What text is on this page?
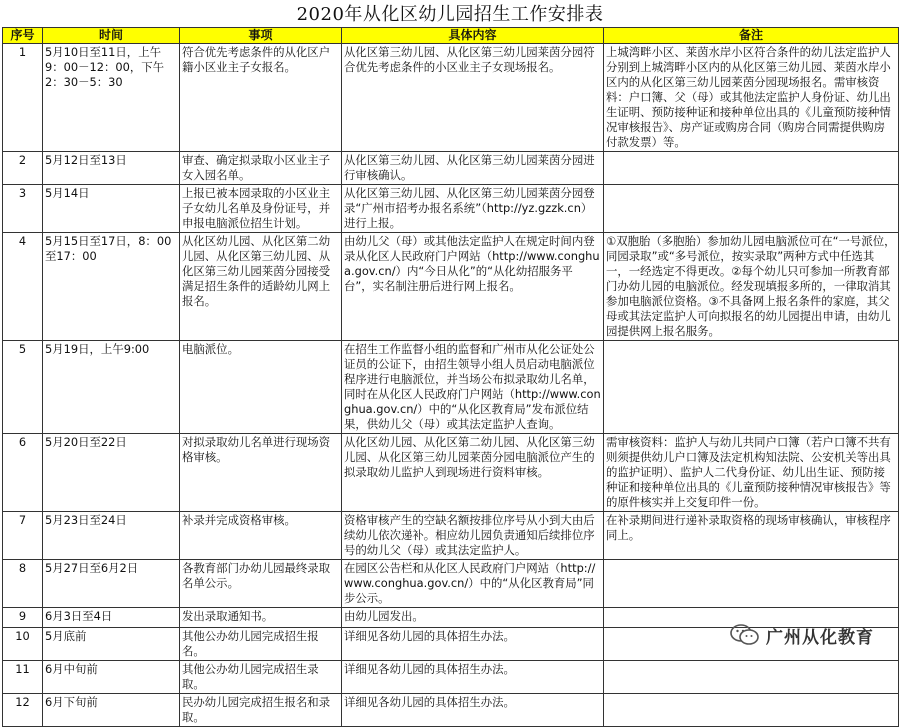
2020年从化区幼儿园招生工作安排表
序号	时间	事项	具体内容	备注
1	5月10日至11日，上午9：00－12：00，下午2：30－5：30	符合优先考虑条件的从化区户籍小区业主子女报名。	从化区第三幼儿园、从化区第三幼儿园莱茵分园符合优先考虑条件的小区业主子女现场报名。	上城湾畔小区、莱茵水岸小区符合条件的幼儿法定监护人分别到上城湾畔小区内的从化区第三幼儿园、莱茵水岸小区内的从化区第三幼儿园莱茵分园现场报名。需审核资料：户口簿、父（母）或其他法定监护人身份证、幼儿出生证明、预防接种证和接种单位出具的《儿童预防接种情况审核报告》、房产证或购房合同（购房合同需提供购房付款发票）等。
2	5月12日至13日	审查、确定拟录取小区业主子女入园名单。	从化区第三幼儿园、从化区第三幼儿园莱茵分园进行审核确认。	
3	5月14日	上报已被本园录取的小区业主子女幼儿名单及身份证号，并申报电脑派位招生计划。	从化区第三幼儿园、从化区第三幼儿园莱茵分园登录“广州市招考办报名系统”（http://yz.gzzk.cn）进行上报。	
4	5月15日至17日，8：00至17：00	从化区幼儿园、从化区第二幼儿园、从化区第三幼儿园、从化区第三幼儿园莱茵分园接受满足招生条件的适龄幼儿网上报名。	由幼儿父（母）或其他法定监护人在规定时间内登录从化区人民政府门户网站（http://www.conghua.gov.cn/）内“今日从化”的“从化幼招服务平台”，实名制注册后进行网上报名。	①双胞胎（多胞胎）参加幼儿园电脑派位可在“一号派位，同园录取”或“多号派位，按实录取”两种方式中任选其一，一经选定不得更改。②每个幼儿只可参加一所教育部门办幼儿园的电脑派位。经发现填报多所的，一律取消其参加电脑派位资格。③不具备网上报名条件的家庭，其父母或其法定监护人可向拟报名的幼儿园提出申请，由幼儿园提供网上报名服务。
5	5月19日，上午9:00	电脑派位。	在招生工作监督小组的监督和广州市从化公证处公证员的公证下，由招生领导小组人员启动电脑派位程序进行电脑派位，并当场公布拟录取幼儿名单，同时在从化区人民政府门户网站（http://www.conghua.gov.cn/）中的“从化区教育局”发布派位结果，供幼儿父（母）或其法定监护人查询。	
6	5月20日至22日	对拟录取幼儿名单进行现场资格审核。	从化区幼儿园、从化区第二幼儿园、从化区第三幼儿园、从化区第三幼儿园莱茵分园电脑派位产生的拟录取幼儿监护人到现场进行资料审核。	需审核资料：监护人与幼儿共同户口簿（若户口簿不共有则须提供幼儿户口簿及法定机构知法院、公安机关等出具的监护证明）、监护人二代身份证、幼儿出生证、预防接种证和接种单位出具的《儿童预防接种情况审核报告》等的原件核实并上交复印件一份。
7	5月23日至24日	补录并完成资格审核。	资格审核产生的空缺名额按排位序号从小到大由后续幼儿依次递补。相应幼儿园负责通知后续排位序号的幼儿父（母）或其法定监护人。	在补录期间进行递补录取资格的现场审核确认，审核程序同上。
8	5月27日至6月2日	各教育部门办幼儿园最终录取名单公示。	在园区公告栏和从化区人民政府门户网站（http://www.conghua.gov.cn/）中的“从化区教育局”同步公示。	
9	6月3日至4日	发出录取通知书。	由幼儿园发出。	
10	5月底前	其他公办幼儿园完成招生报名。	详细见各幼儿园的具体招生办法。	
11	6月中旬前	其他公办幼儿园完成招生录取。	详细见各幼儿园的具体招生办法。	
12	6月下旬前	民办幼儿园完成招生报名和录取。	详细见各幼儿园的具体招生办法。	
广州从化教育
